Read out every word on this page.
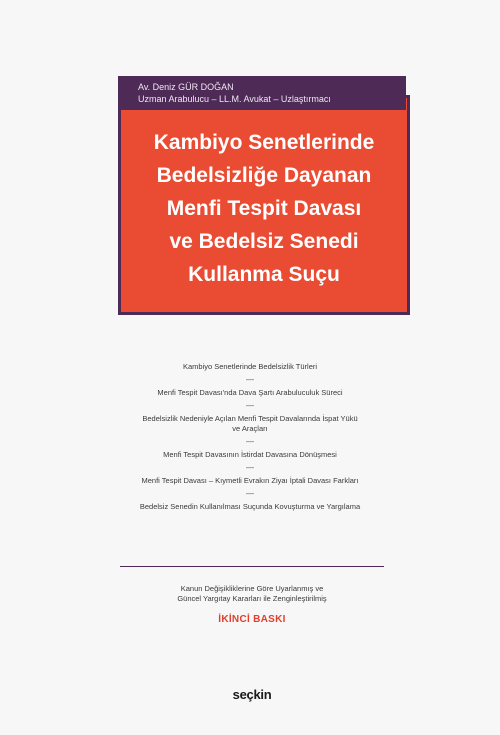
Av. Deniz GÜR DOĞAN
Uzman Arabulucu – LL.M. Avukat – Uzlaştırmacı
Kambiyo Senetlerinde
Bedelsizliğe Dayanan
Menfi Tespit Davası
ve Bedelsiz Senedi
Kullanma Suçu

Kambiyo Senetlerinde Bedelsizlik Türleri

—

Menfi Tespit Davası'nda Dava Şartı Arabuluculuk Süreci

—

Bedelsizlik Nedeniyle Açılan Menfi Tespit Davalarında İspat Yükü ve Araçları

—

Menfi Tespit Davasının İstirdat Davasına Dönüşmesi

—

Menfi Tespit Davası – Kıymetli Evrakın Ziyaı İptali Davası Farkları

—

Bedelsiz Senedin Kullanılması Suçunda Kovuşturma ve Yargılama

Kanun Değişikliklerine Göre Uyarlanmış ve
Güncel Yargıtay Kararları ile Zenginleştirilmiş
İKİNCİ BASKI
seçkin
